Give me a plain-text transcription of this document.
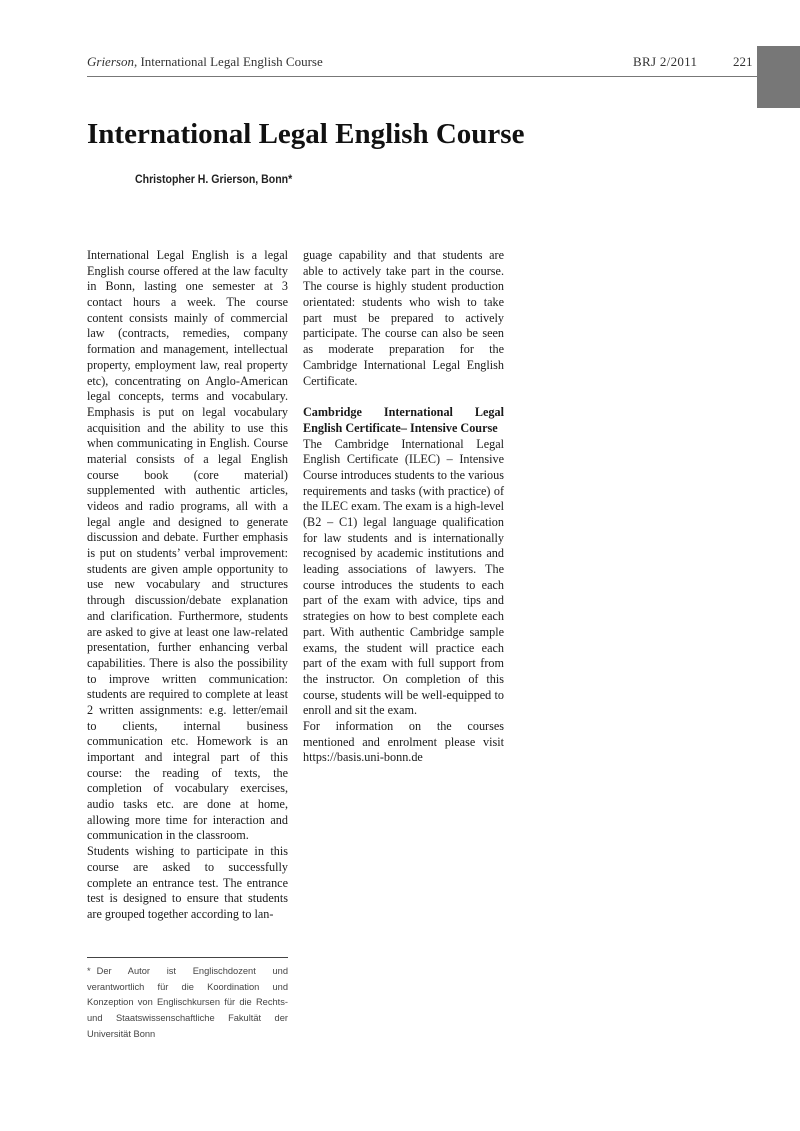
Grierson, International Legal English Course	BRJ 2/2011	221
International Legal English Course
Christopher H. Grierson, Bonn*

International Legal English is a legal English course offered at the law faculty in Bonn, lasting one semester at 3 contact hours a week. The course content consists mainly of commercial law (contracts, remedies, company formation and management, intellectual property, employment law, real property etc), concentrating on Anglo-American legal concepts, terms and vocabulary. Emphasis is put on legal vocabulary acquisition and the ability to use this when communicating in English. Course material consists of a legal English course book (core material) supplemented with authentic articles, videos and radio programs, all with a legal angle and designed to generate discussion and debate. Further emphasis is put on students’ verbal improvement: students are given ample opportunity to use new vocabulary and structures through discussion/debate explanation and clarification. Furthermore, students are asked to give at least one law-related presentation, further enhancing verbal capabilities. There is also the possibility to improve written communication: students are required to complete at least 2 written assignments: e.g. letter/email to clients, internal business communication etc. Homework is an important and integral part of this course: the reading of texts, the completion of vocabulary exercises, audio tasks etc. are done at home, allowing more time for interaction and communication in the classroom.

Students wishing to participate in this course are asked to successfully complete an entrance test. The entrance test is designed to ensure that students are grouped together according to lan-

guage capability and that students are able to actively take part in the course. The course is highly student production orientated: students who wish to take part must be prepared to actively participate. The course can also be seen as moderate preparation for the Cambridge International Legal English Certificate.

Cambridge International Legal English Certificate– Intensive Course

The Cambridge International Legal English Certificate (ILEC) – Intensive Course introduces students to the various requirements and tasks (with practice) of the ILEC exam. The exam is a high-level (B2 – C1) legal language qualification for law students and is internationally recognised by academic institutions and leading associations of lawyers. The course introduces the students to each part of the exam with advice, tips and strategies on how to best complete each part. With authentic Cambridge sample exams, the student will practice each part of the exam with full support from the instructor. On completion of this course, students will be well-equipped to enroll and sit the exam.

For information on the courses mentioned and enrolment please visit https://basis.uni-bonn.de

* Der Autor ist Englischdozent und verantwortlich für die Koordination und Konzeption von Englischkursen für die Rechts- und Staatswissenschaftliche Fakultät der Universität Bonn
